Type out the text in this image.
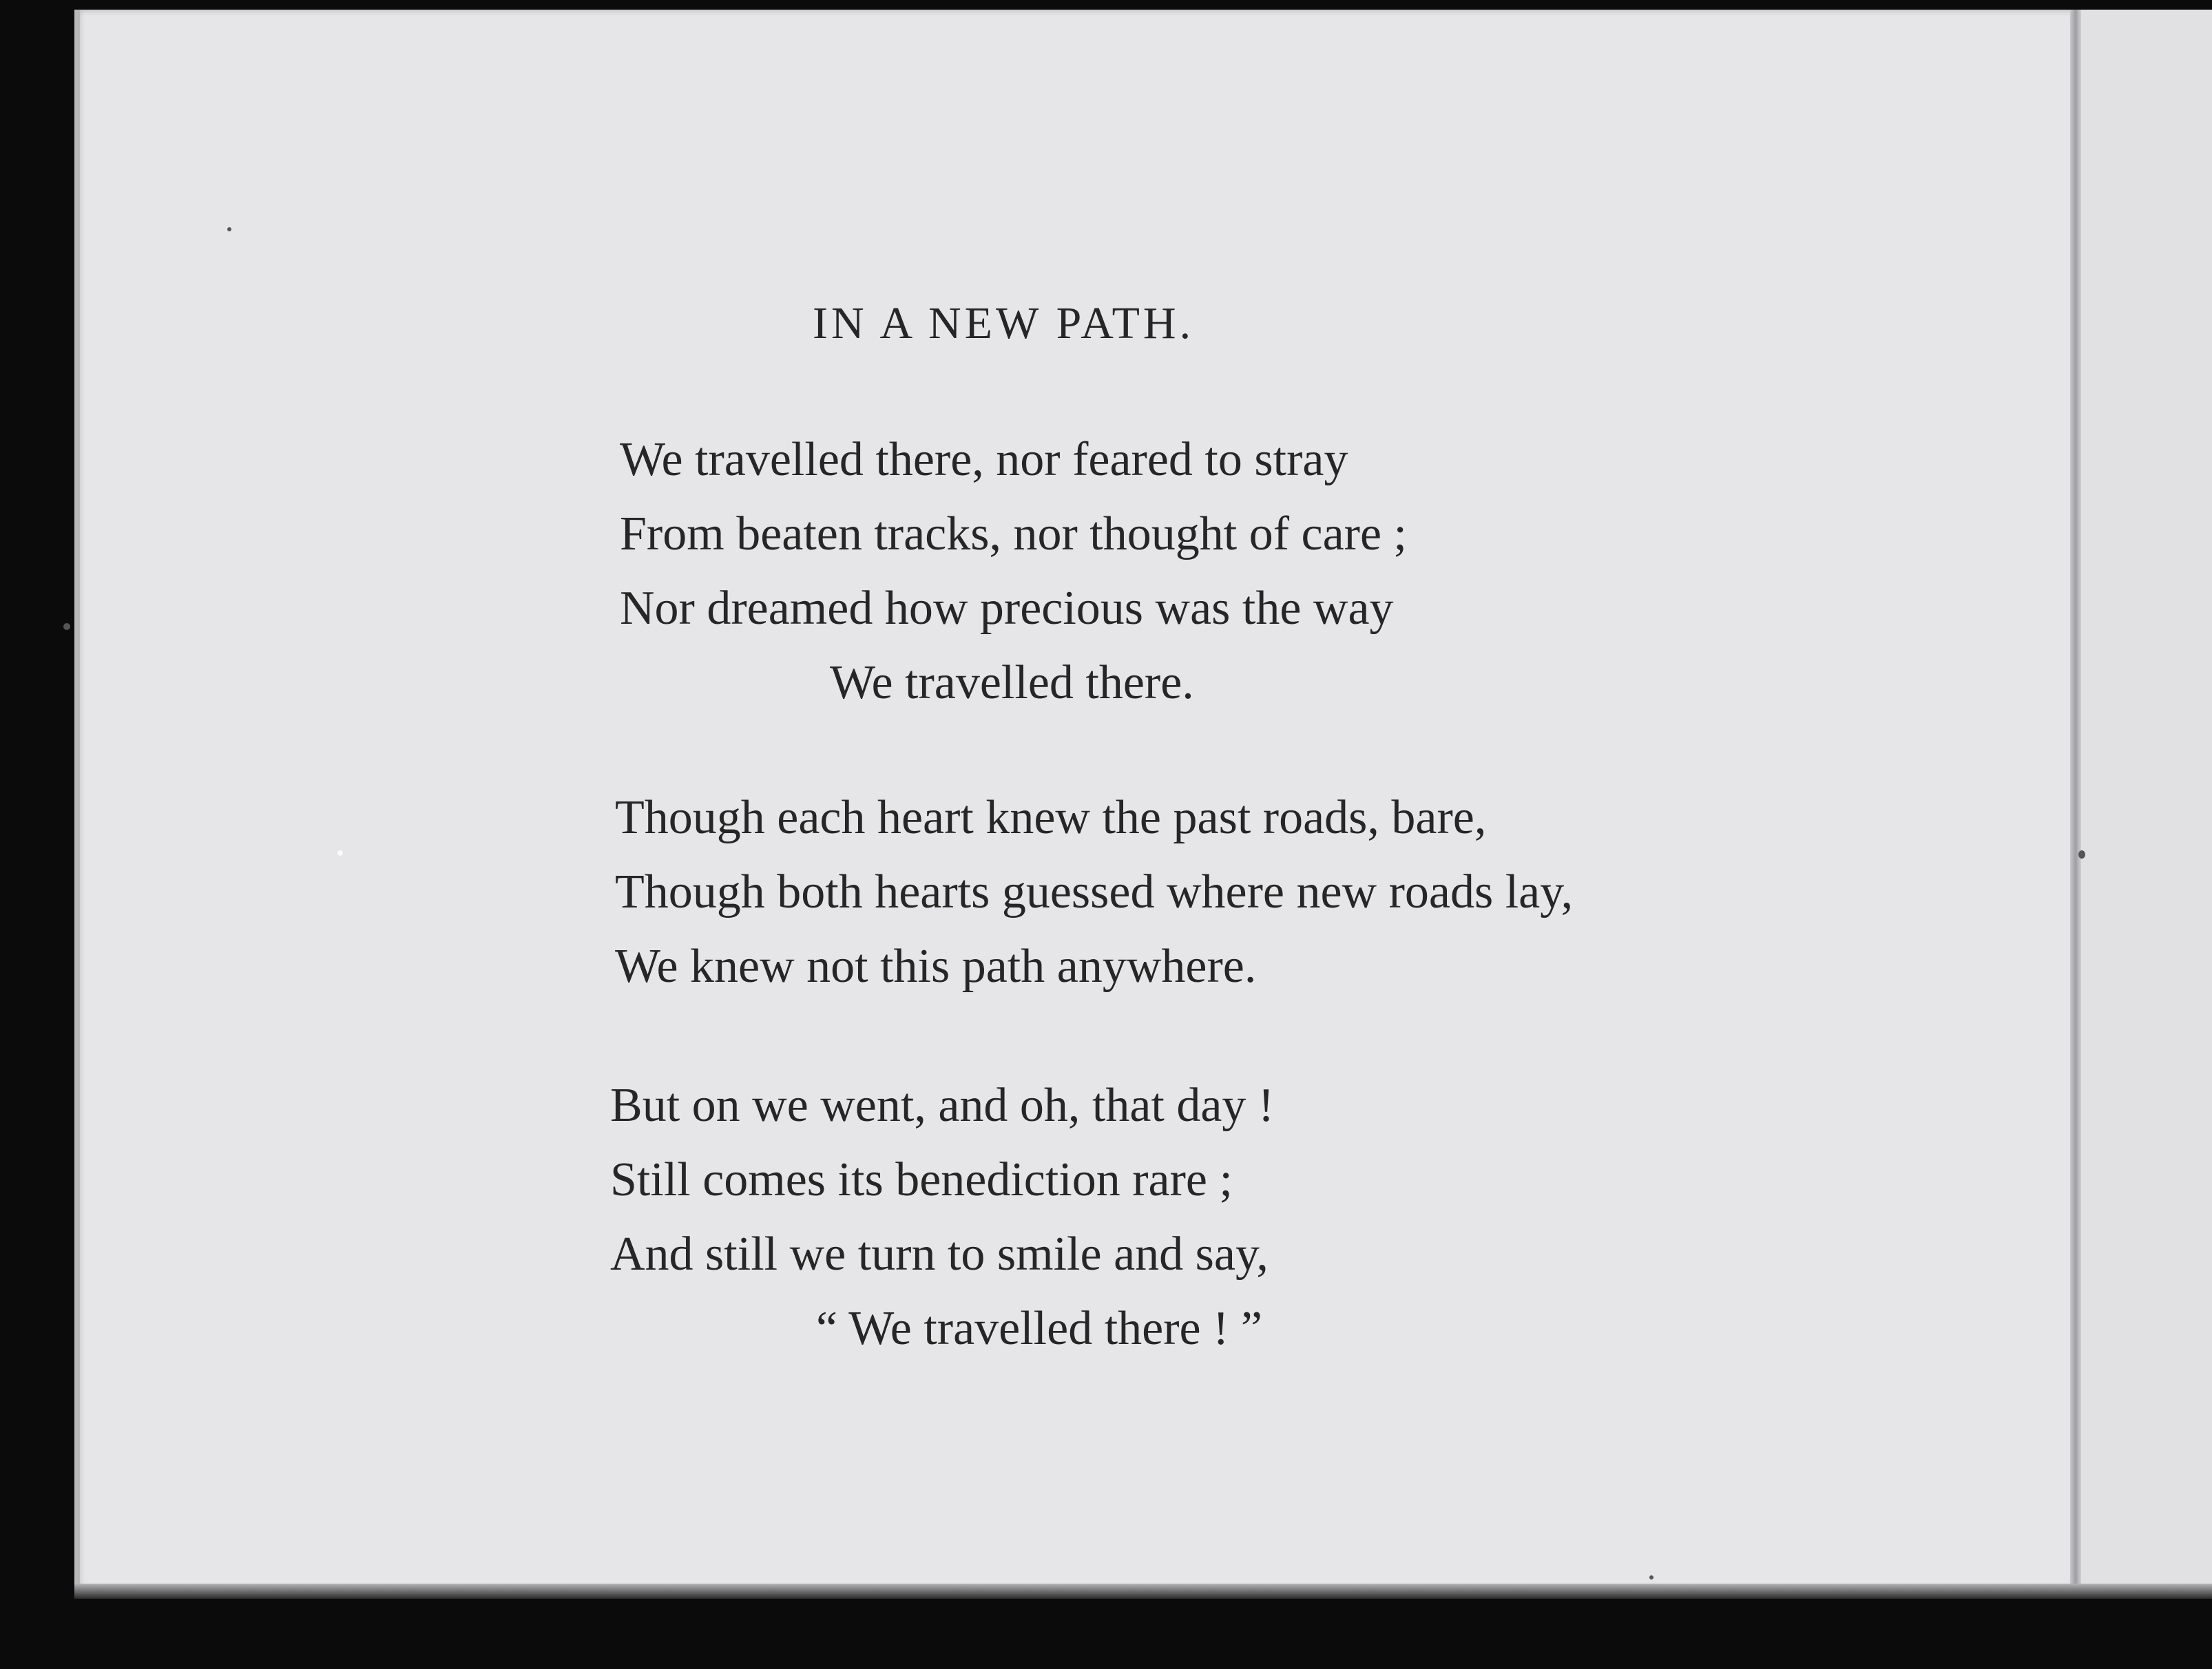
IN A NEW PATH.

We travelled there, nor feared to stray

From beaten tracks, nor thought of care ;

Nor dreamed how precious was the way

We travelled there.

Though each heart knew the past roads, bare,

Though both hearts guessed where new roads lay,

We knew not this path anywhere.

But on we went, and oh, that day !

Still comes its benediction rare ;

And still we turn to smile and say,

“ We travelled there ! ”
